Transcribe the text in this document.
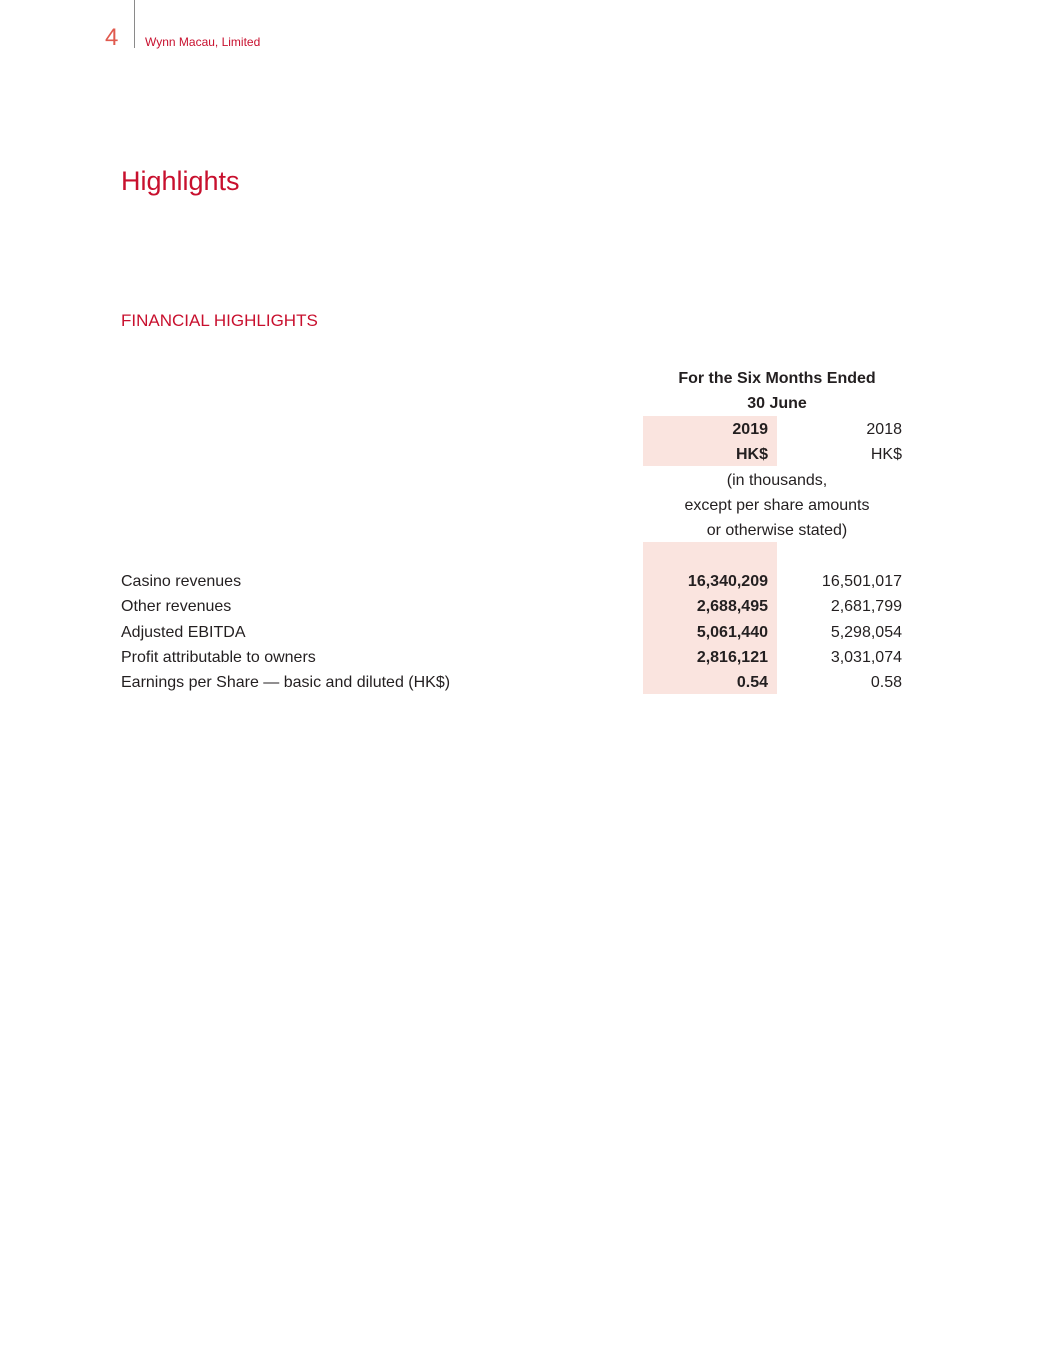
4 Wynn Macau, Limited
Highlights
FINANCIAL HIGHLIGHTS
For the Six Months Ended
30 June
2019	2018
HK$	HK$
(in thousands,
except per share amounts
or otherwise stated)
Casino revenues	16,340,209	16,501,017
Other revenues	2,688,495	2,681,799
Adjusted EBITDA	5,061,440	5,298,054
Profit attributable to owners	2,816,121	3,031,074
Earnings per Share — basic and diluted (HK$)	0.54	0.58
